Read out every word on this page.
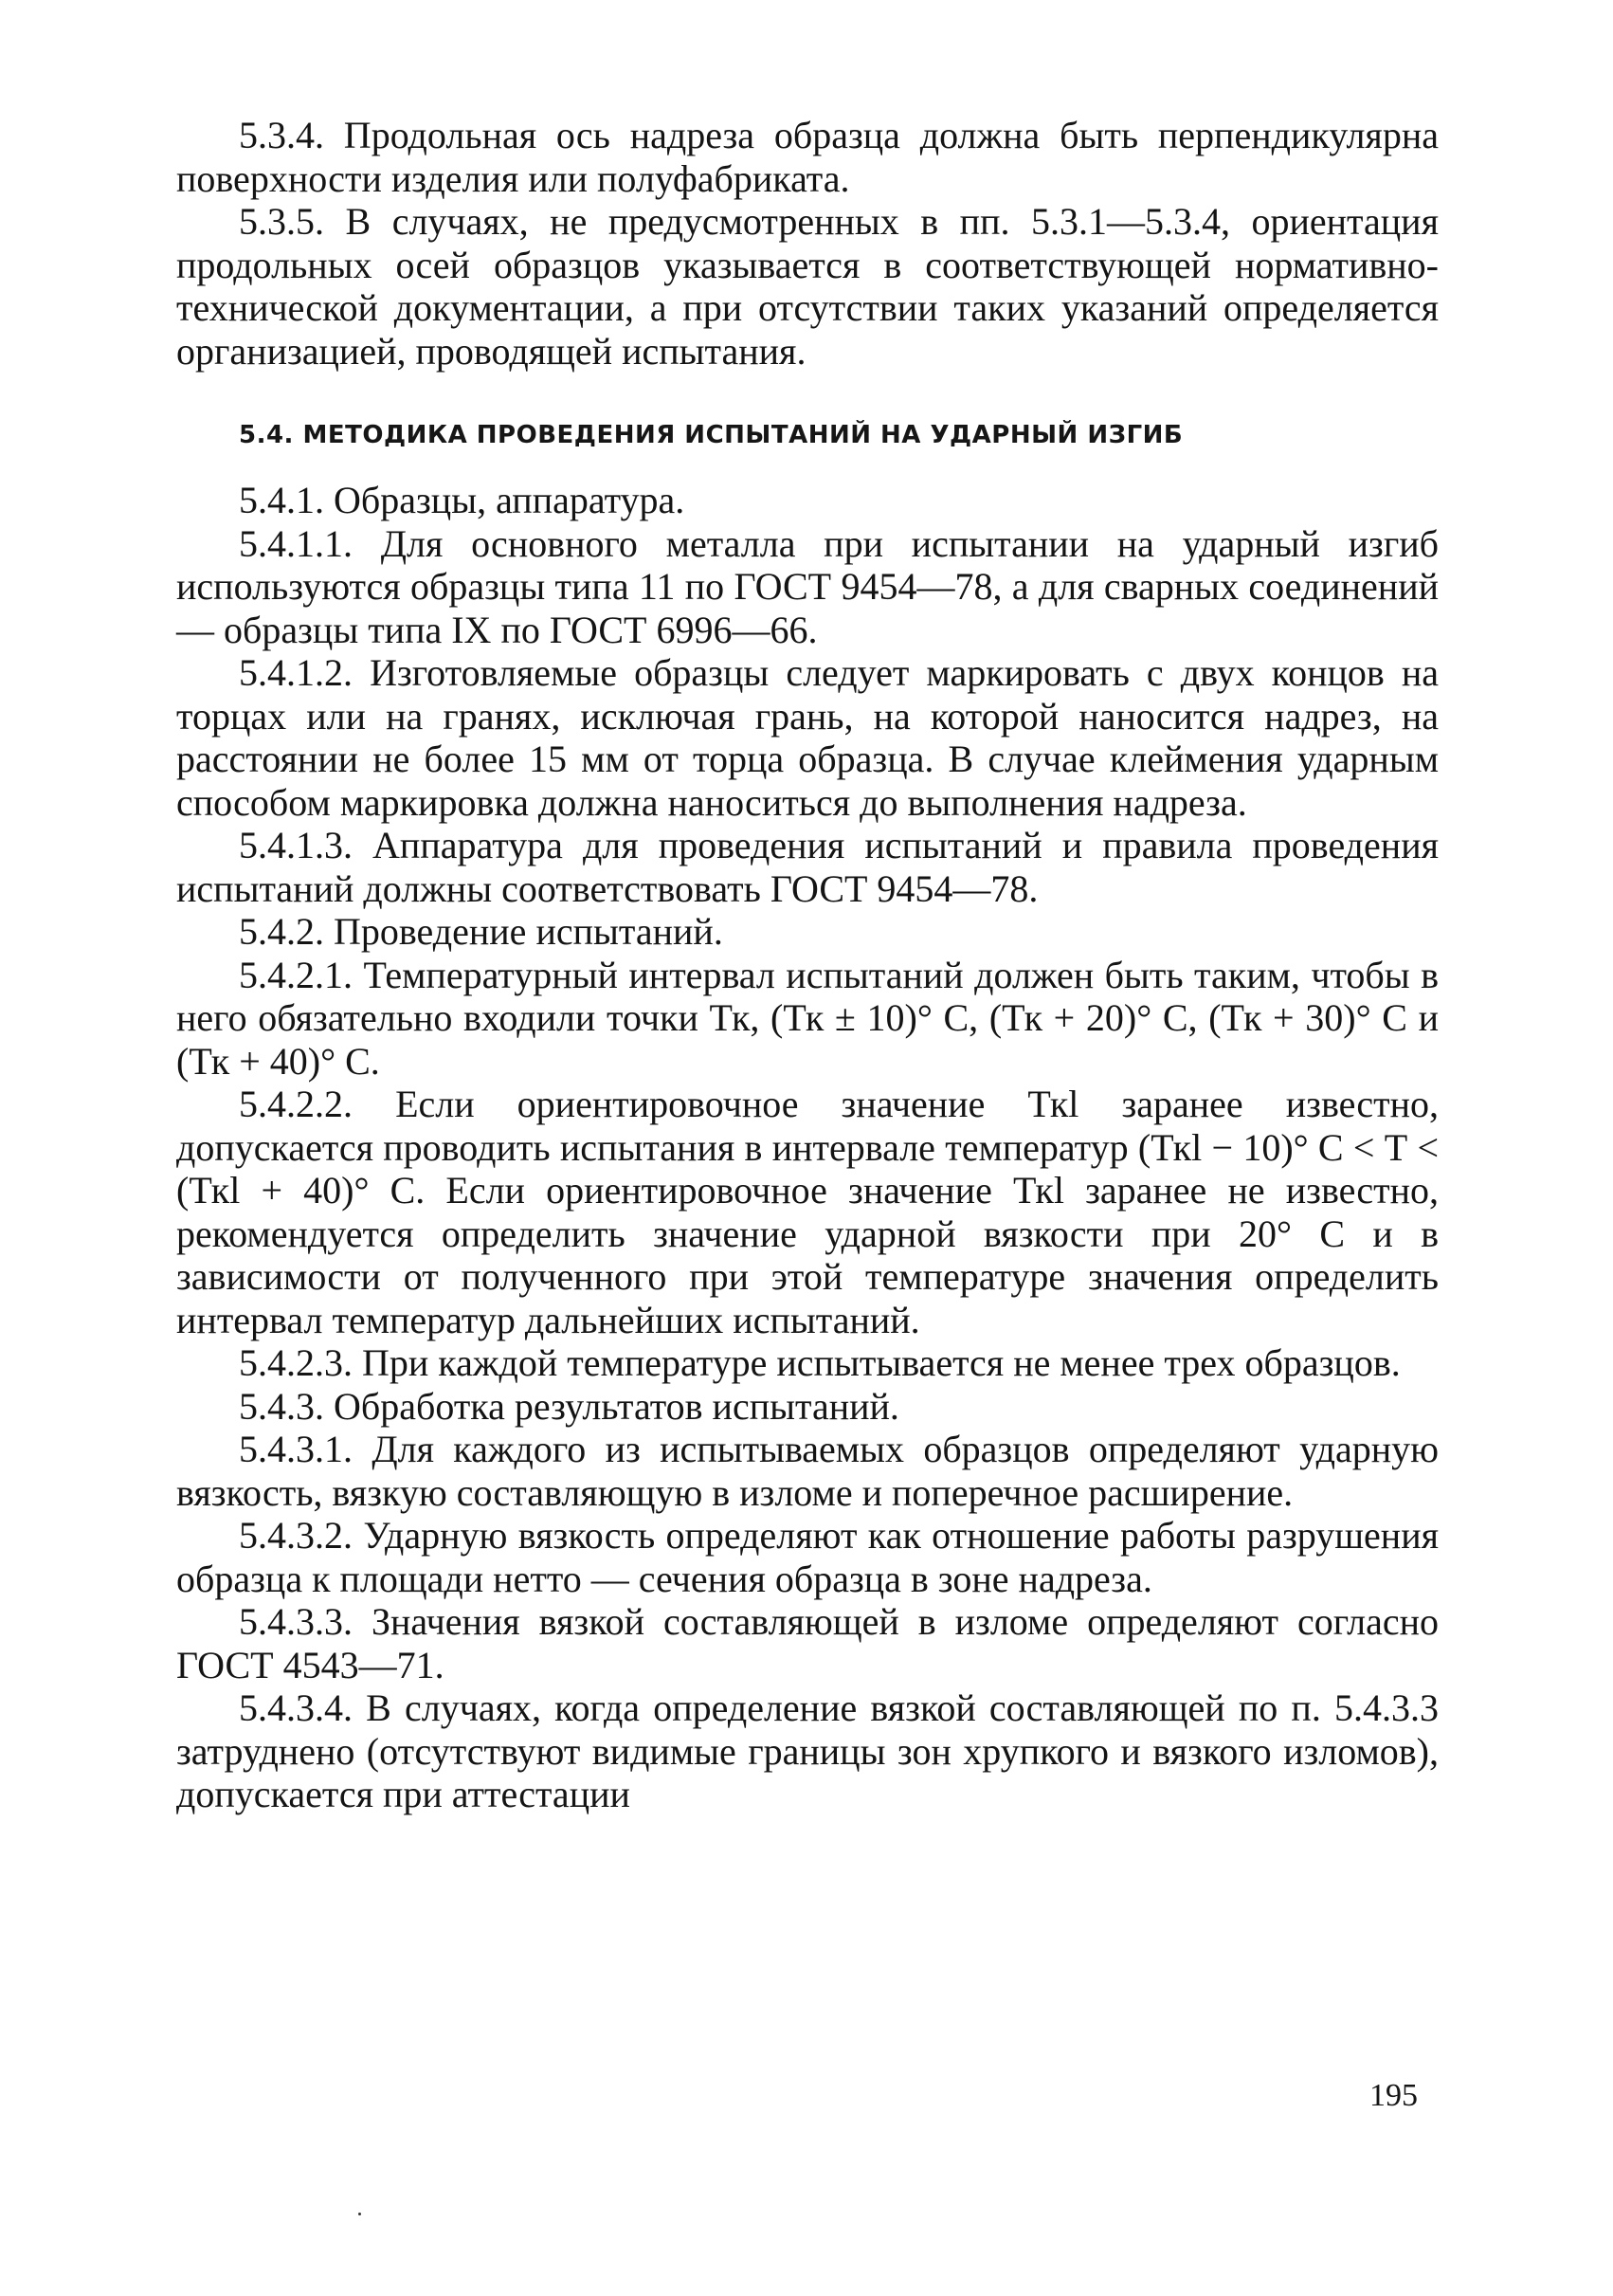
5.3.4. Продольная ось надреза образца должна быть перпендикулярна поверхности изделия или полуфабриката.

5.3.5. В случаях, не предусмотренных в пп. 5.3.1—5.3.4, ориентация продольных осей образцов указывается в соответствующей нормативно-технической документации, а при отсутствии таких указаний определяется организацией, проводящей испытания.

5.4. МЕТОДИКА ПРОВЕДЕНИЯ ИСПЫТАНИЙ НА УДАРНЫЙ ИЗГИБ

5.4.1. Образцы, аппаратура.

5.4.1.1. Для основного металла при испытании на ударный изгиб используются образцы типа 11 по ГОСТ 9454—78, а для сварных соединений — образцы типа IX по ГОСТ 6996—66.

5.4.1.2. Изготовляемые образцы следует маркировать с двух концов на торцах или на гранях, исключая грань, на которой наносится надрез, на расстоянии не более 15 мм от торца образца. В случае клеймения ударным способом маркировка должна наноситься до выполнения надреза.

5.4.1.3. Аппаратура для проведения испытаний и правила проведения испытаний должны соответствовать ГОСТ 9454—78.

5.4.2. Проведение испытаний.

5.4.2.1. Температурный интервал испытаний должен быть таким, чтобы в него обязательно входили точки Тк, (Тк ± 10)° С, (Тк + 20)° С, (Тк + 30)° С и (Тк + 40)° С.

5.4.2.2. Если ориентировочное значение Ткl заранее известно, допускается проводить испытания в интервале температур (Ткl − 10)° С < Т < (Ткl + 40)° С. Если ориентировочное значение Ткl заранее не известно, рекомендуется определить значение ударной вязкости при 20° С и в зависимости от полученного при этой температуре значения определить интервал температур дальнейших испытаний.

5.4.2.3. При каждой температуре испытывается не менее трех образцов.

5.4.3. Обработка результатов испытаний.

5.4.3.1. Для каждого из испытываемых образцов определяют ударную вязкость, вязкую составляющую в изломе и поперечное расширение.

5.4.3.2. Ударную вязкость определяют как отношение работы разрушения образца к площади нетто — сечения образца в зоне надреза.

5.4.3.3. Значения вязкой составляющей в изломе определяют согласно ГОСТ 4543—71.

5.4.3.4. В случаях, когда определение вязкой составляющей по п. 5.4.3.3 затруднено (отсутствуют видимые границы зон хрупкого и вязкого изломов), допускается при аттестации

195
